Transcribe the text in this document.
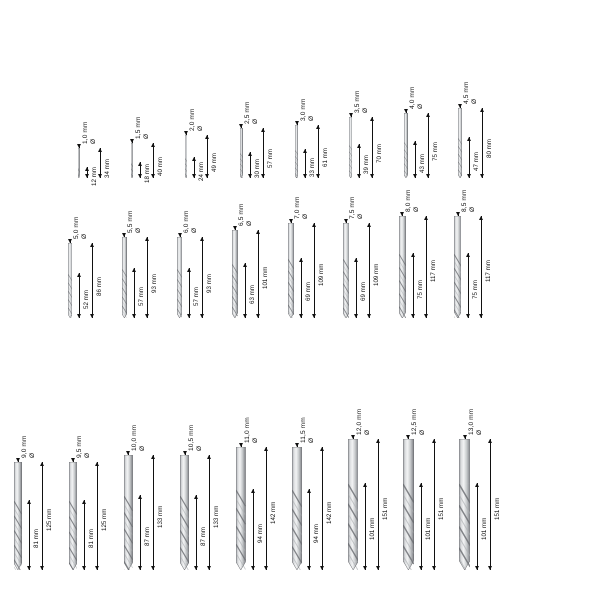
1,0 mm Ø
12 mm 34 mm
1,5 mm Ø
18 mm 40 mm
2,0 mm Ø
24 mm 49 mm
2,5 mm Ø
30 mm
57 mm
3,0 mm Ø
33 mm
61 mm
3,5 mm Ø
39 mm
70 mm
4,0 mm Ø
43 mm
75 mm
4,5 mm Ø
47 mm
80 mm
5,0 mm Ø
52 mm
86 mm
5,5 mm Ø
57 mm
93 mm
6,0 mm Ø
57 mm
93 mm
6,5 mm Ø
63 mm
101 mm
7,0 mm Ø
69 mm
109 mm
7,5 mm Ø
69 mm
109 mm
8,0 mm Ø
75 mm
117 mm
8,5 mm Ø
75 mm
117 mm
9,0 mm Ø
81 mm
125 mm
9,5 mm Ø
81 mm
125 mm
10,0 mm Ø
87 mm
133 mm
10,5 mm Ø
87 mm
133 mm
11,0 mm Ø
94 mm
142 mm
11,5 mm Ø
94 mm
142 mm
12,0 mm Ø
101 mm
151 mm
12,5 mm Ø
101 mm
151 mm
13,0 mm Ø
101 mm
151 mm
